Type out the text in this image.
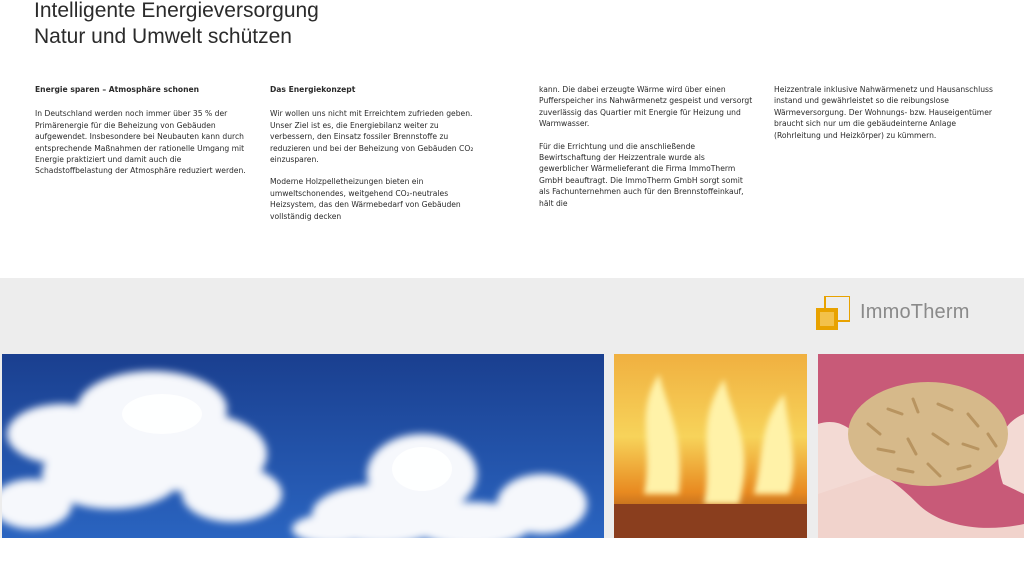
Intelligente Energieversorgung
Natur und Umwelt schützen
Energie sparen – Atmosphäre schonen

In Deutschland werden noch immer über 35 % der Primärenergie für die Beheizung von Gebäuden aufgewendet. Insbesondere bei Neubauten kann durch entsprechende Maßnahmen der rationelle Umgang mit Energie praktiziert und damit auch die Schadstoffbelastung der Atmosphäre reduziert werden.

Das Energiekonzept

Wir wollen uns nicht mit Erreichtem zufrieden geben. Unser Ziel ist es, die Energiebilanz weiter zu verbessern, den Einsatz fossiler Brennstoffe zu reduzieren und bei der Beheizung von Gebäuden CO₂ einzusparen.

Moderne Holzpelletheizungen bieten ein umweltschonendes, weitgehend CO₂-neutrales Heizsystem, das den Wärmebedarf von Gebäuden vollständig decken

kann. Die dabei erzeugte Wärme wird über einen Pufferspeicher ins Nahwärmenetz gespeist und versorgt zuverlässig das Quartier mit Energie für Heizung und Warmwasser.

Für die Errichtung und die anschließende Bewirtschaftung der Heizzentrale wurde als gewerblicher Wärmelieferant die Firma ImmoTherm GmbH beauftragt. Die ImmoTherm GmbH sorgt somit als Fachunternehmen auch für den Brennstoffeinkauf, hält die

Heizzentrale inklusive Nahwärmenetz und Hausanschluss instand und gewährleistet so die reibungslose Wärmeversorgung. Der Wohnungs- bzw. Hauseigentümer braucht sich nur um die gebäudeinterne Anlage (Rohrleitung und Heizkörper) zu kümmern.

ImmoTherm
